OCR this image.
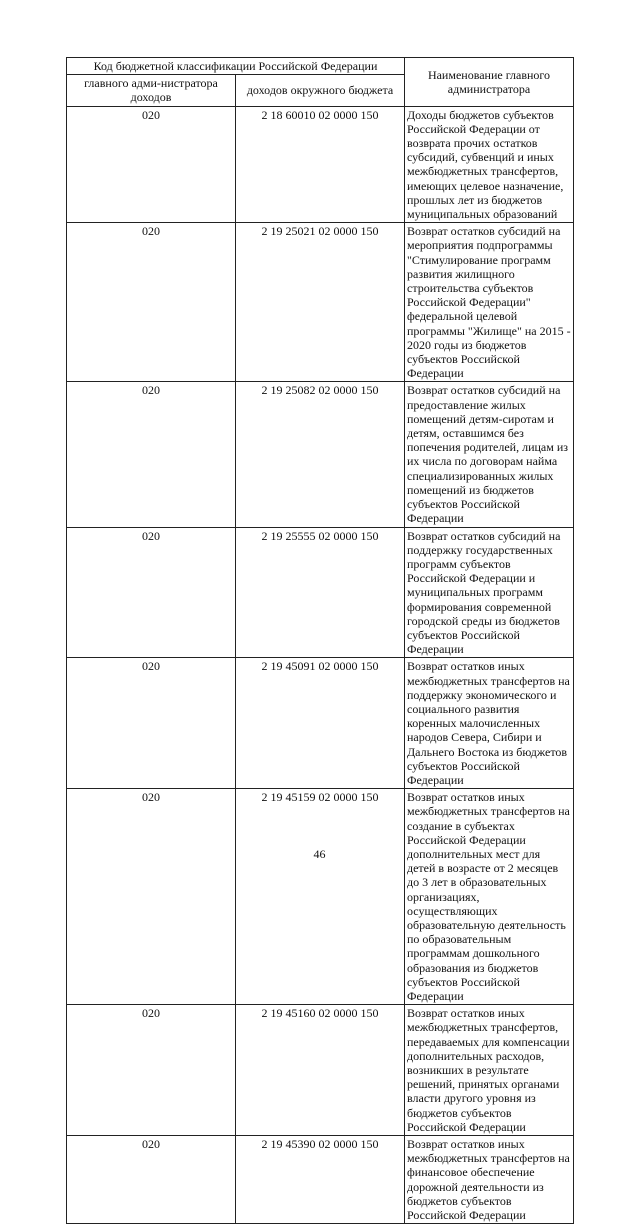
Код бюджетной классификации Российской Федерации		Наименование главного администратора
главного адми-нистратора доходов	доходов окружного бюджета	
020	2 18 60010 02 0000 150	Доходы бюджетов субъектов Российской Федерации от возврата прочих остатков субсидий, субвенций и иных межбюджетных трансфертов, имеющих целевое назначение, прошлых лет из бюджетов муниципальных образований
020	2 19 25021 02 0000 150	Возврат остатков субсидий на мероприятия подпрограммы "Стимулирование программ развития жилищного строительства субъектов Российской Федерации" федеральной целевой программы "Жилище" на 2015 - 2020 годы из бюджетов субъектов Российской Федерации
020	2 19 25082 02 0000 150	Возврат остатков субсидий на предоставление жилых помещений детям-сиротам и детям, оставшимся без попечения родителей, лицам из их числа по договорам найма специализированных жилых помещений из бюджетов субъектов Российской Федерации
020	2 19 25555 02 0000 150	Возврат остатков субсидий на поддержку государственных программ субъектов Российской Федерации и муниципальных программ формирования современной городской среды из бюджетов субъектов Российской Федерации
020	2 19 45091 02 0000 150	Возврат остатков иных межбюджетных трансфертов на поддержку экономического и социального развития коренных малочисленных народов Севера, Сибири и Дальнего Востока из бюджетов субъектов Российской Федерации
020	2 19 45159 02 0000 150	Возврат остатков иных межбюджетных трансфертов на создание в субъектах Российской Федерации дополнительных мест для детей в возрасте от 2 месяцев до 3 лет в образовательных организациях, осуществляющих образовательную деятельность по образовательным программам дошкольного образования из бюджетов субъектов Российской Федерации
020	2 19 45160 02 0000 150	Возврат остатков иных межбюджетных трансфертов, передаваемых для компенсации дополнительных расходов, возникших в результате решений, принятых органами власти другого уровня из бюджетов субъектов Российской Федерации
020	2 19 45390 02 0000 150	Возврат остатков иных межбюджетных трансфертов на финансовое обеспечение дорожной деятельности из бюджетов субъектов Российской Федерации
46
